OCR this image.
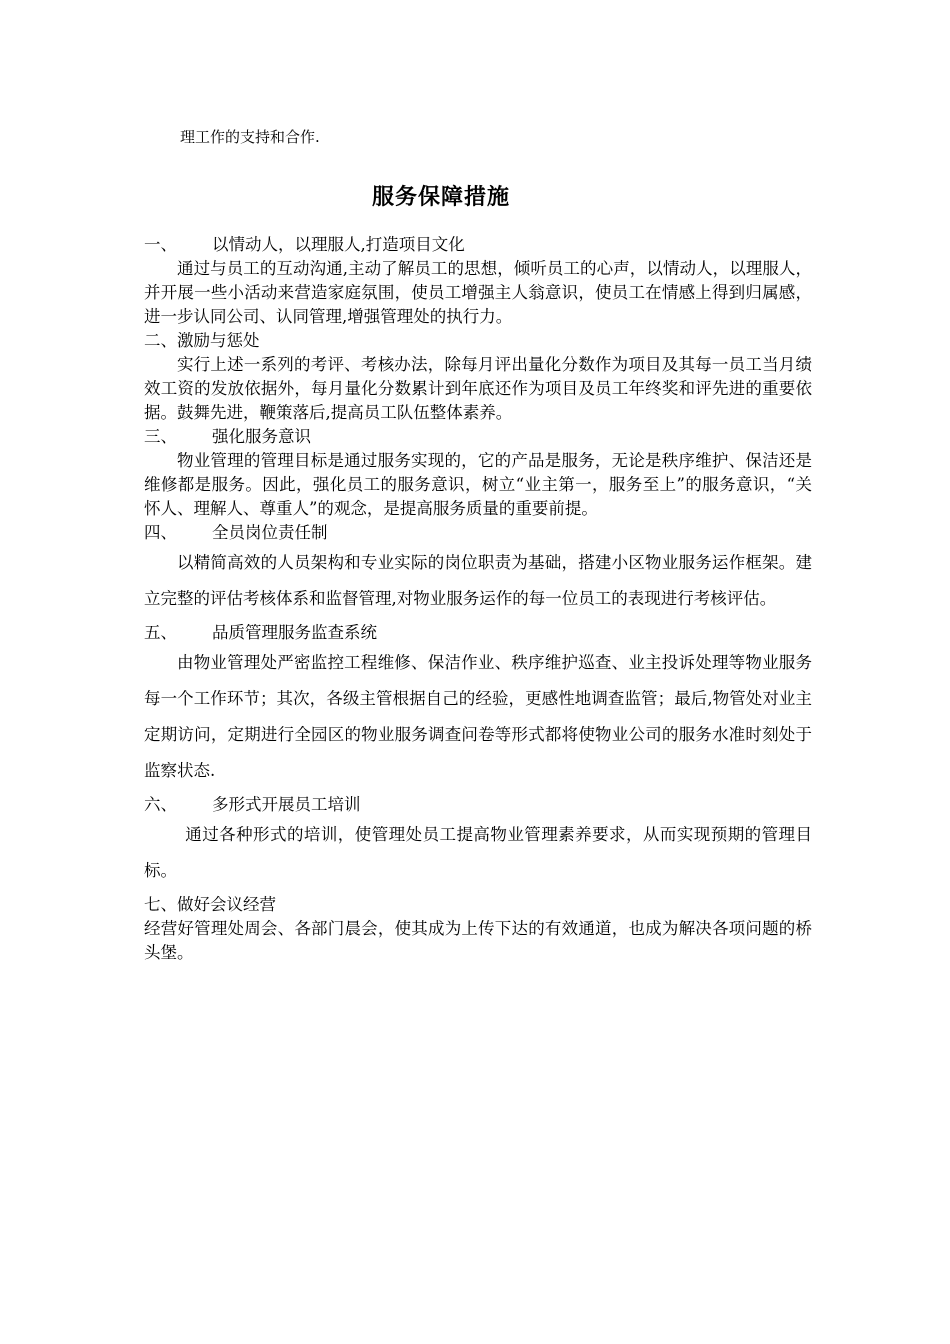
理工作的支持和合作.
服务保障措施
一、 以情动人，以理服人,打造项目文化

通过与员工的互动沟通,主动了解员工的思想，倾听员工的心声，以情动人，以理服人，并开展一些小活动来营造家庭氛围，使员工增强主人翁意识，使员工在情感上得到归属感，进一步认同公司、认同管理,增强管理处的执行力。

二、激励与惩处

实行上述一系列的考评、考核办法，除每月评出量化分数作为项目及其每一员工当月绩效工资的发放依据外，每月量化分数累计到年底还作为项目及员工年终奖和评先进的重要依据。鼓舞先进，鞭策落后,提高员工队伍整体素养。

三、 强化服务意识

物业管理的管理目标是通过服务实现的，它的产品是服务，无论是秩序维护、保洁还是维修都是服务。因此，强化员工的服务意识，树立“业主第一，服务至上”的服务意识，“关怀人、理解人、尊重人”的观念，是提高服务质量的重要前提。

四、 全员岗位责任制

以精简高效的人员架构和专业实际的岗位职责为基础，搭建小区物业服务运作框架。建立完整的评估考核体系和监督管理,对物业服务运作的每一位员工的表现进行考核评估。

五、 品质管理服务监查系统

由物业管理处严密监控工程维修、保洁作业、秩序维护巡查、业主投诉处理等物业服务每一个工作环节；其次，各级主管根据自己的经验，更感性地调查监管；最后,物管处对业主定期访问，定期进行全园区的物业服务调查问卷等形式都将使物业公司的服务水准时刻处于监察状态.

六、 多形式开展员工培训

通过各种形式的培训，使管理处员工提高物业管理素养要求，从而实现预期的管理目标。

七、做好会议经营

经营好管理处周会、各部门晨会，使其成为上传下达的有效通道，也成为解决各项问题的桥头堡。
